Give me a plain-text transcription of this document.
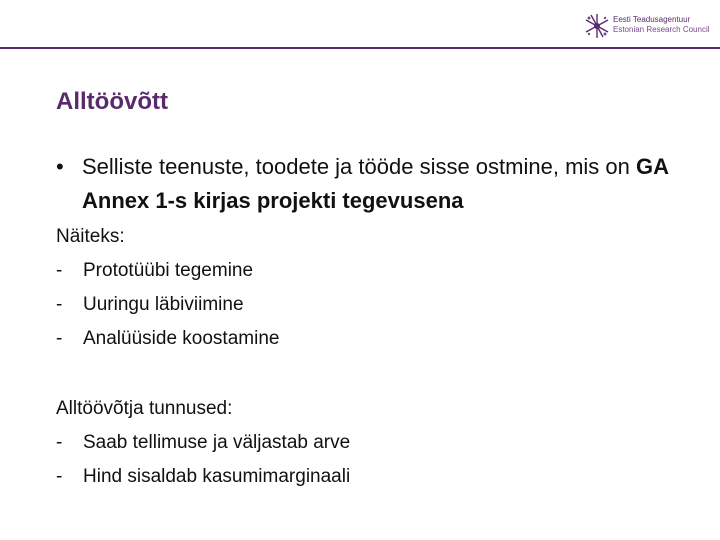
Eesti Teadusagentuur
Estonian Research Council
Alltöövõtt
• Selliste teenuste, toodete ja tööde sisse ostmine, mis on GA Annex 1-s kirjas projekti tegevusena
Näiteks:
- Prototüübi tegemine
- Uuringu läbiviimine
- Analüüside koostamine
Alltöövõtja tunnused:
- Saab tellimuse ja väljastab arve
- Hind sisaldab kasumimarginaali
